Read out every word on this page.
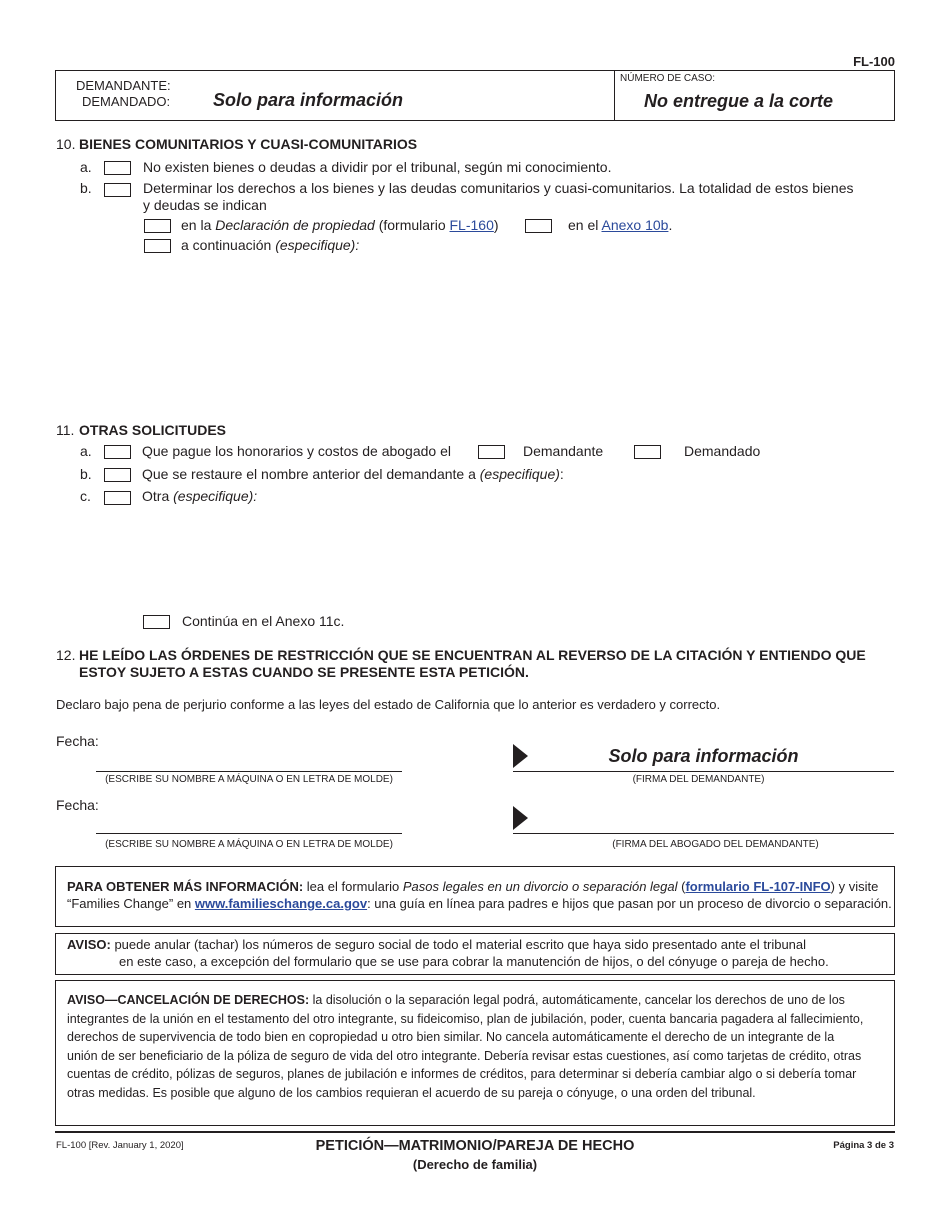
FL-100
DEMANDANTE:
DEMANDADO: Solo para información
NÚMERO DE CASO:
No entregue a la corte
10. BIENES COMUNITARIOS Y CUASI-COMUNITARIOS
a.	No existen bienes o deudas a dividir por el tribunal, según mi conocimiento.
b.	Determinar los derechos a los bienes y las deudas comunitarios y cuasi-comunitarios. La totalidad de estos bienes
y deudas se indican
en la Declaración de propiedad (formulario FL-160)	en el Anexo 10b.
a continuación (especifique):
11. OTRAS SOLICITUDES
a.	Que pague los honorarios y costos de abogado el	Demandante	Demandado
b.	Que se restaure el nombre anterior del demandante a (especifique):
c.	Otra (especifique):
Continúa en el Anexo 11c.
12. HE LEÍDO LAS ÓRDENES DE RESTRICCIÓN QUE SE ENCUENTRAN AL REVERSO DE LA CITACIÓN Y ENTIENDO QUE
ESTOY SUJETO A ESTAS CUANDO SE PRESENTE ESTA PETICIÓN.
Declaro bajo pena de perjurio conforme a las leyes del estado de California que lo anterior es verdadero y correcto.
Fecha:
(ESCRIBE SU NOMBRE A MÁQUINA O EN LETRA DE MOLDE)
Solo para información
(FIRMA DEL DEMANDANTE)
Fecha:
(ESCRIBE SU NOMBRE A MÁQUINA O EN LETRA DE MOLDE)	(FIRMA DEL ABOGADO DEL DEMANDANTE)
PARA OBTENER MÁS INFORMACIÓN: lea el formulario Pasos legales en un divorcio o separación legal (formulario FL-107-INFO) y visite
“Families Change” en www.familieschange.ca.gov: una guía en línea para padres e hijos que pasan por un proceso de divorcio o separación.
AVISO: puede anular (tachar) los números de seguro social de todo el material escrito que haya sido presentado ante el tribunal
en este caso, a excepción del formulario que se use para cobrar la manutención de hijos, o del cónyuge o pareja de hecho.
AVISO—CANCELACIÓN DE DERECHOS: la disolución o la separación legal podrá, automáticamente, cancelar los derechos de uno de los
integrantes de la unión en el testamento del otro integrante, su fideicomiso, plan de jubilación, poder, cuenta bancaria pagadera al fallecimiento,
derechos de supervivencia de todo bien en copropiedad u otro bien similar. No cancela automáticamente el derecho de un integrante de la
unión de ser beneficiario de la póliza de seguro de vida del otro integrante. Debería revisar estas cuestiones, así como tarjetas de crédito, otras
cuentas de crédito, pólizas de seguros, planes de jubilación e informes de créditos, para determinar si debería cambiar algo o si debería tomar
otras medidas. Es posible que alguno de los cambios requieran el acuerdo de su pareja o cónyuge, o una orden del tribunal.
FL-100 [Rev. January 1, 2020]	PETICIÓN—MATRIMONIO/PAREJA DE HECHO
(Derecho de familia)
Página 3 de 3
